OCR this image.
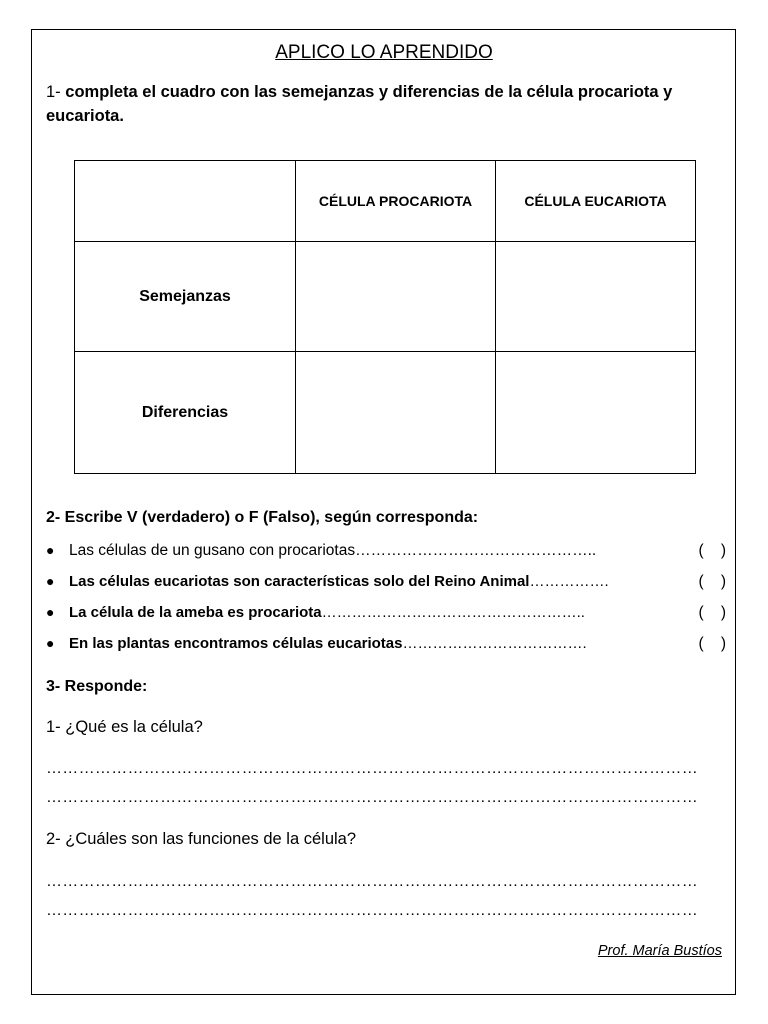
APLICO LO APRENDIDO
1- completa el cuadro con las semejanzas y diferencias de la célula procariota y eucariota.
	CÉLULA PROCARIOTA	CÉLULA EUCARIOTA
Semejanzas		
Diferencias		
2- Escribe V (verdadero) o F (Falso), según corresponda:
● Las células de un gusano con procariotas………………………………………..	(    )
● Las células eucariotas son características solo del Reino Animal…………….	(    )
● La célula de la ameba es procariota……………………………………………..	(    )
● En las plantas encontramos células eucariotas……………………………….	(    )
3- Responde:
1- ¿Qué es la célula?
…………………………………………………………………………………………………………
…………………………………………………………………………………………………………
2- ¿Cuáles son las funciones de la célula?
…………………………………………………………………………………………………………
…………………………………………………………………………………………………………
Prof. María Bustíos
